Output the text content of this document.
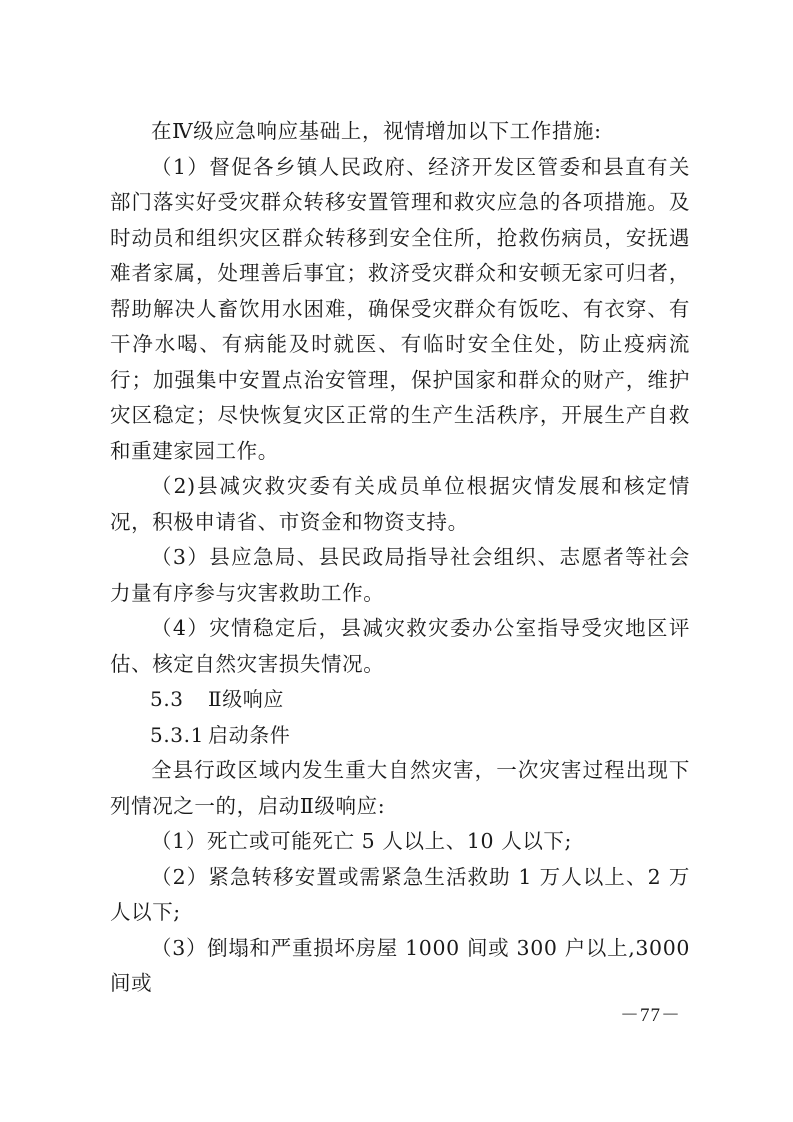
在Ⅳ级应急响应基础上，视情增加以下工作措施:

（1）督促各乡镇人民政府、经济开发区管委和县直有关部门落实好受灾群众转移安置管理和救灾应急的各项措施。及时动员和组织灾区群众转移到安全住所，抢救伤病员，安抚遇难者家属，处理善后事宜；救济受灾群众和安顿无家可归者，帮助解决人畜饮用水困难，确保受灾群众有饭吃、有衣穿、有干净水喝、有病能及时就医、有临时安全住处，防止疫病流行；加强集中安置点治安管理，保护国家和群众的财产，维护灾区稳定；尽快恢复灾区正常的生产生活秩序，开展生产自救和重建家园工作。

（2)县减灾救灾委有关成员单位根据灾情发展和核定情况，积极申请省、市资金和物资支持。

（3）县应急局、县民政局指导社会组织、志愿者等社会力量有序参与灾害救助工作。

（4）灾情稳定后，县减灾救灾委办公室指导受灾地区评估、核定自然灾害损失情况。

5.3 Ⅱ级响应

5.3.1 启动条件

全县行政区域内发生重大自然灾害，一次灾害过程出现下列情况之一的，启动Ⅱ级响应:

（1）死亡或可能死亡 5 人以上、10 人以下;

（2）紧急转移安置或需紧急生活救助 1 万人以上、2 万人以下;

（3）倒塌和严重损坏房屋 1000 间或 300 户以上,3000 间或

－77－
